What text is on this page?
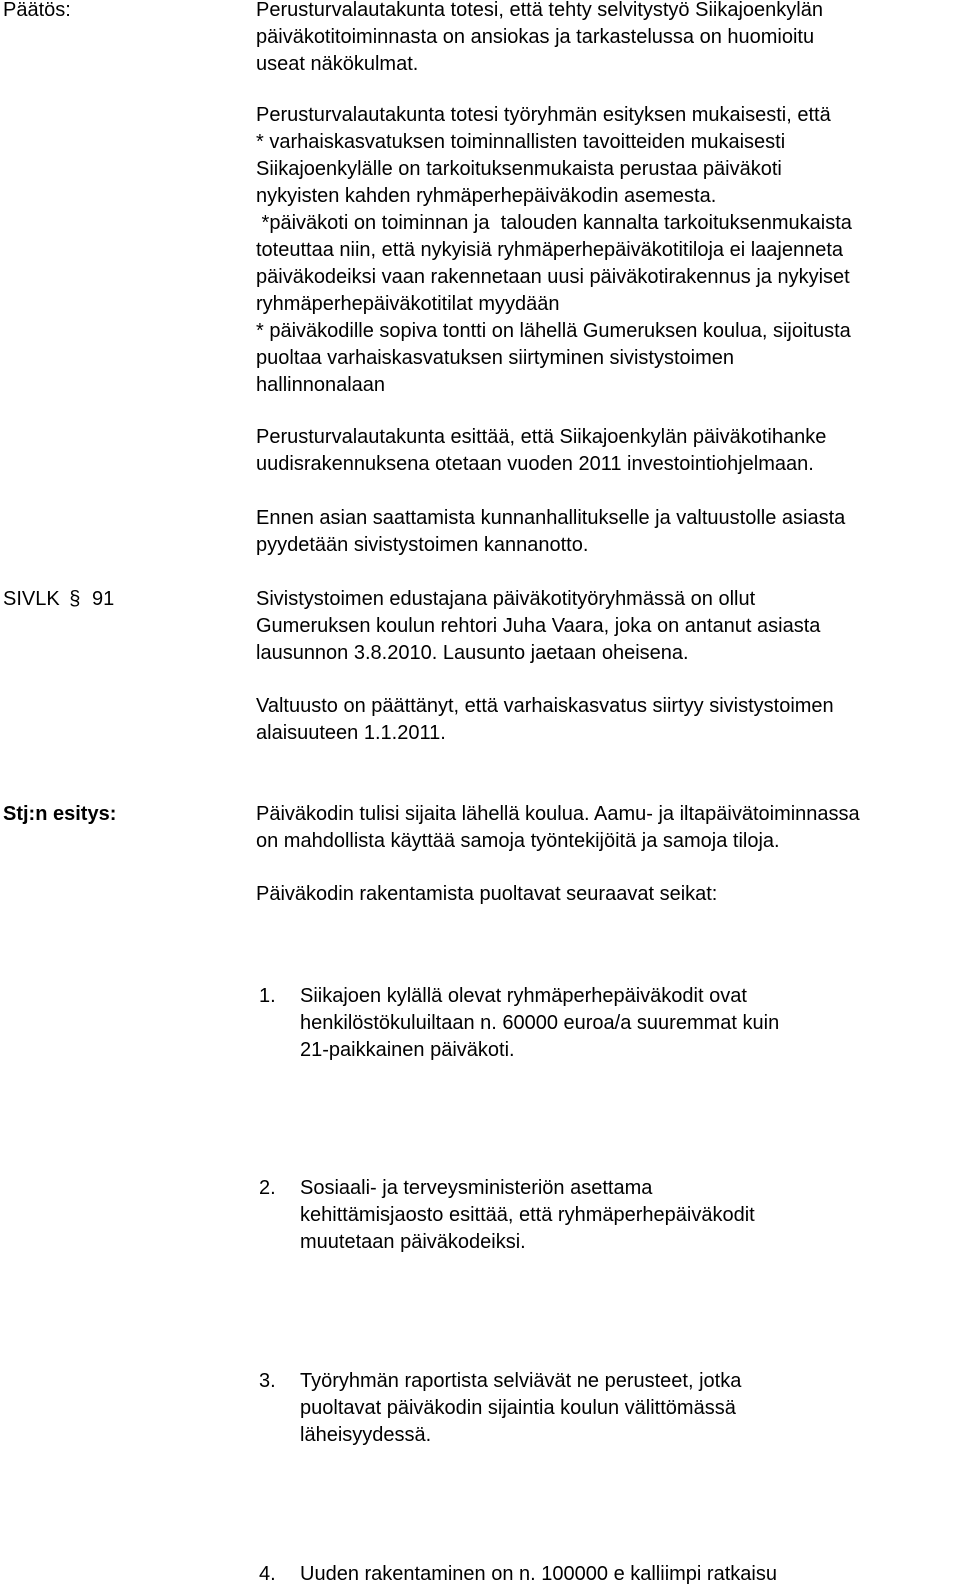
Päätös:	Perusturvalautakunta totesi, että tehty selvitystyö Siikajoenkylän
päiväkotitoiminnasta on ansiokas ja tarkastelussa on huomioitu
useat näkökulmat.
Perusturvalautakunta totesi työryhmän esityksen mukaisesti, että
* varhaiskasvatuksen toiminnallisten tavoitteiden mukaisesti
Siikajoenkylälle on tarkoituksenmukaista perustaa päiväkoti
nykyisten kahden ryhmäperhepäiväkodin asemesta.
*päiväkoti on toiminnan ja  talouden kannalta tarkoituksenmukaista
toteuttaa niin, että nykyisiä ryhmäperhepäiväkotitiloja ei laajenneta
päiväkodeiksi vaan rakennetaan uusi päiväkotirakennus ja nykyiset
ryhmäperhepäiväkotitilat myydään
* päiväkodille sopiva tontti on lähellä Gumeruksen koulua, sijoitusta
puoltaa varhaiskasvatuksen siirtyminen sivistystoimen
hallinnonalaan
Perusturvalautakunta esittää, että Siikajoenkylän päiväkotihanke
uudisrakennuksena otetaan vuoden 2011 investointiohjelmaan.
Ennen asian saattamista kunnanhallitukselle ja valtuustolle asiasta
pyydetään sivistystoimen kannanotto.
SIVLK § 91	Sivistystoimen edustajana päiväkotityöryhmässä on ollut
Gumeruksen koulun rehtori Juha Vaara, joka on antanut asiasta
lausunnon 3.8.2010. Lausunto jaetaan oheisena.
Valtuusto on päättänyt, että varhaiskasvatus siirtyy sivistystoimen
alaisuuteen 1.1.2011.
Stj:n esitys:	Päiväkodin tulisi sijaita lähellä koulua. Aamu- ja iltapäivätoiminnassa
on mahdollista käyttää samoja työntekijöitä ja samoja tiloja.
Päiväkodin rakentamista puoltavat seuraavat seikat:
1.	Siikajoen kylällä olevat ryhmäperhepäiväkodit ovat
henkilöstökuluiltaan n. 60000 euroa/a suuremmat kuin
21-paikkainen päiväkoti.
2.	Sosiaali- ja terveysministeriön asettama
kehittämisjaosto esittää, että ryhmäperhepäiväkodit
muutetaan päiväkodeiksi.
3.	Työryhmän raportista selviävät ne perusteet, jotka
puoltavat päiväkodin sijaintia koulun välittömässä
läheisyydessä.
4.	Uuden rakentaminen on n. 100000 e kalliimpi ratkaisu
